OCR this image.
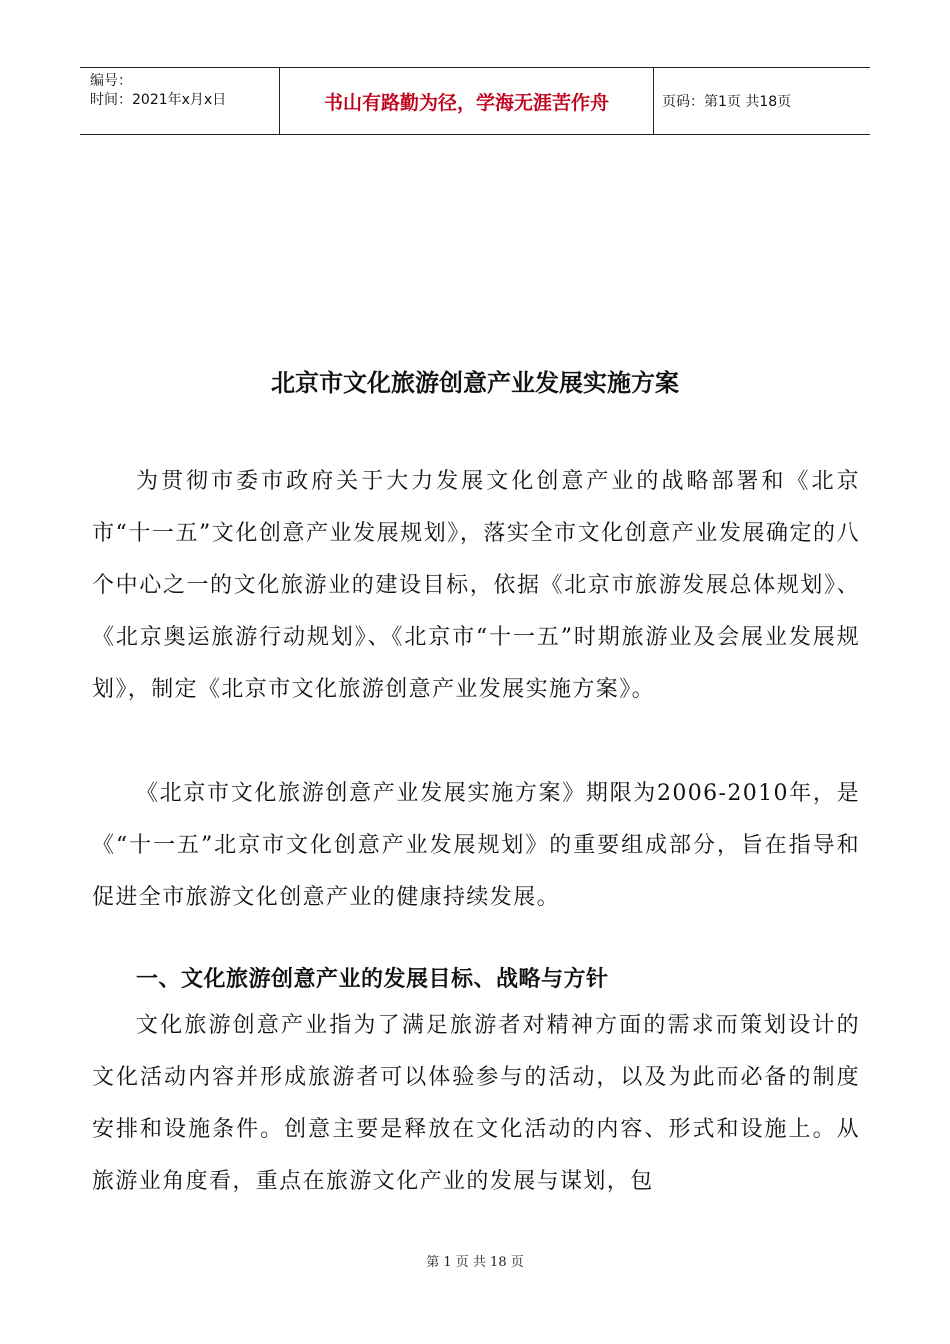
编号：
时间：2021年x月x日	书山有路勤为径，学海无涯苦作舟	页码：第1页 共18页
北京市文化旅游创意产业发展实施方案

为贯彻市委市政府关于大力发展文化创意产业的战略部署和《北京市“十一五”文化创意产业发展规划》，落实全市文化创意产业发展确定的八个中心之一的文化旅游业的建设目标，依据《北京市旅游发展总体规划》、《北京奥运旅游行动规划》、《北京市“十一五”时期旅游业及会展业发展规划》，制定《北京市文化旅游创意产业发展实施方案》。

《北京市文化旅游创意产业发展实施方案》期限为2006-2010年，是《“十一五”北京市文化创意产业发展规划》的重要组成部分，旨在指导和促进全市旅游文化创意产业的健康持续发展。

一、文化旅游创意产业的发展目标、战略与方针

文化旅游创意产业指为了满足旅游者对精神方面的需求而策划设计的文化活动内容并形成旅游者可以体验参与的活动，以及为此而必备的制度安排和设施条件。创意主要是释放在文化活动的内容、形式和设施上。从旅游业角度看，重点在旅游文化产业的发展与谋划，包

第 1 页 共 18 页
